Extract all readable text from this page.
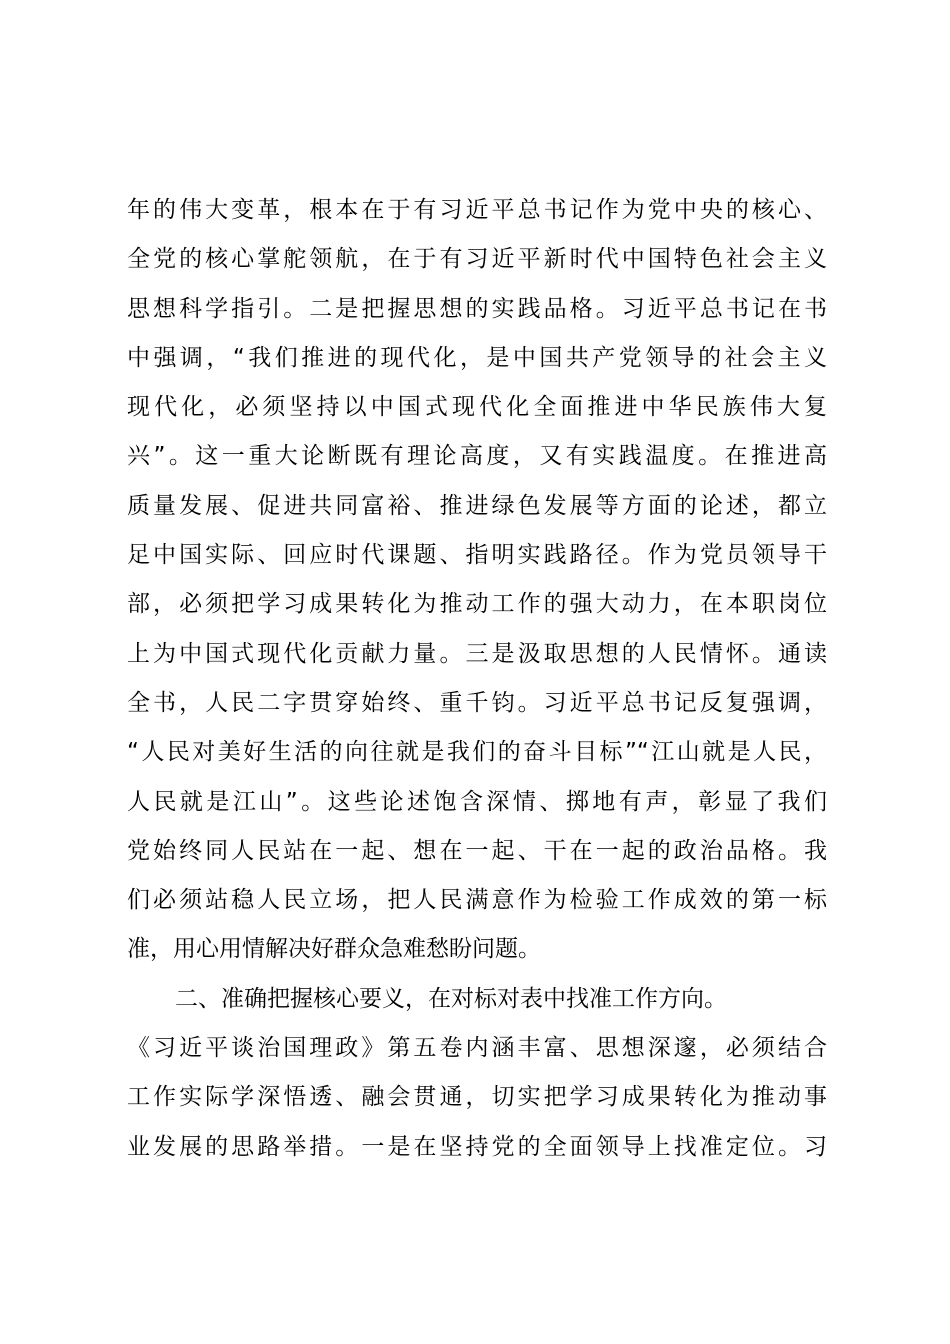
年的伟大变革，根本在于有习近平总书记作为党中央的核心、
全党的核心掌舵领航，在于有习近平新时代中国特色社会主义
思想科学指引。二是把握思想的实践品格。习近平总书记在书
中强调，“我们推进的现代化，是中国共产党领导的社会主义
现代化，必须坚持以中国式现代化全面推进中华民族伟大复
兴”。这一重大论断既有理论高度，又有实践温度。在推进高
质量发展、促进共同富裕、推进绿色发展等方面的论述，都立
足中国实际、回应时代课题、指明实践路径。作为党员领导干
部，必须把学习成果转化为推动工作的强大动力，在本职岗位
上为中国式现代化贡献力量。三是汲取思想的人民情怀。通读
全书，人民二字贯穿始终、重千钧。习近平总书记反复强调，
“人民对美好生活的向往就是我们的奋斗目标”“江山就是人民，
人民就是江山”。这些论述饱含深情、掷地有声，彰显了我们
党始终同人民站在一起、想在一起、干在一起的政治品格。我
们必须站稳人民立场，把人民满意作为检验工作成效的第一标
准，用心用情解决好群众急难愁盼问题。
二、准确把握核心要义，在对标对表中找准工作方向。
《习近平谈治国理政》第五卷内涵丰富、思想深邃，必须结合
工作实际学深悟透、融会贯通，切实把学习成果转化为推动事
业发展的思路举措。一是在坚持党的全面领导上找准定位。习
